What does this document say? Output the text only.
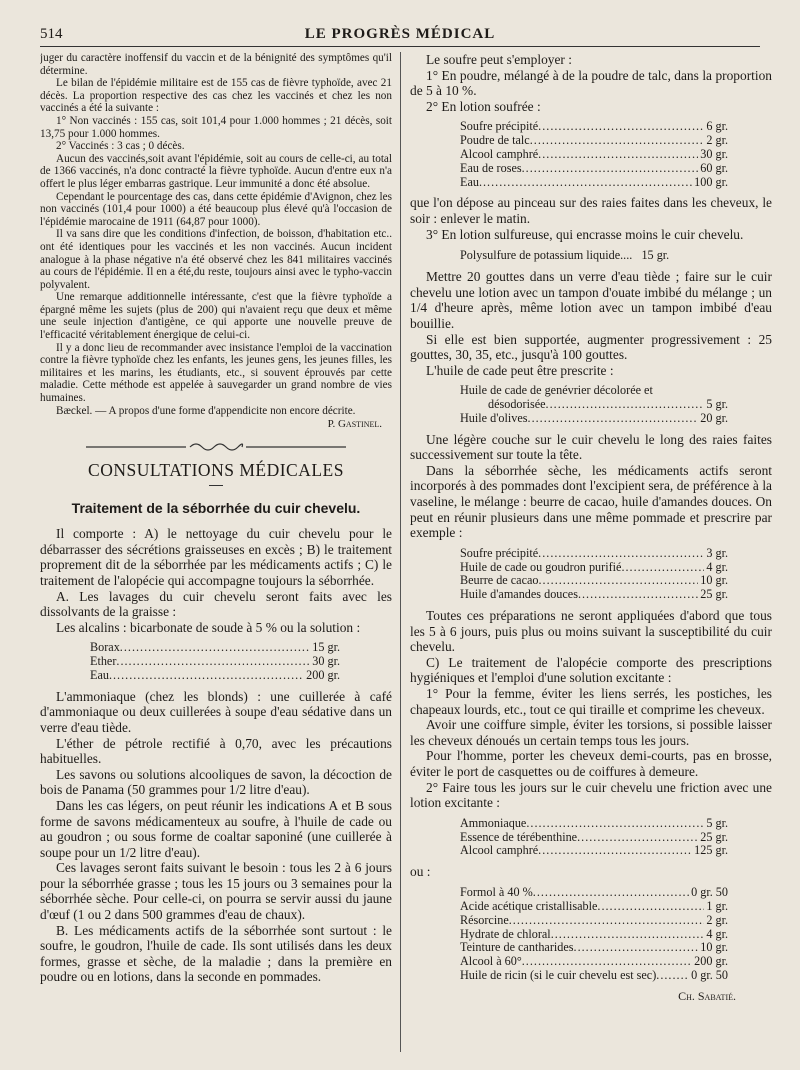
514	LE PROGRÈS MÉDICAL

juger du caractère inoffensif du vaccin et de la bénignité des symptômes qu'il détermine.

Le bilan de l'épidémie militaire est de 155 cas de fièvre typhoïde, avec 21 décès. La proportion respective des cas chez les vaccinés et chez les non vaccinés a été la suivante :

1° Non vaccinés : 155 cas, soit 101,4 pour 1.000 hommes ; 21 décès, soit 13,75 pour 1.000 hommes.

2° Vaccinés : 3 cas ; 0 décès.

Aucun des vaccinés,soit avant l'épidémie, soit au cours de celle-ci, au total de 1366 vaccinés, n'a donc contracté la fièvre typhoïde. Aucun d'entre eux n'a offert le plus léger embarras gastrique. Leur immunité a donc été absolue.

Cependant le pourcentage des cas, dans cette épidémie d'Avignon, chez les non vaccinés (101,4 pour 1000) a été beaucoup plus élevé qu'à l'occasion de l'épidémie marocaine de 1911 (64,87 pour 1000).

Il va sans dire que les conditions d'infection, de boisson, d'habitation etc.. ont été identiques pour les vaccinés et les non vaccinés. Aucun incident analogue à la phase négative n'a été observé chez les 841 militaires vaccinés au cours de l'épidémie. Il en a été,du reste, toujours ainsi avec le typho-vaccin polyvalent.

Une remarque additionnelle intéressante, c'est que la fièvre typhoïde a épargné même les sujets (plus de 200) qui n'avaient reçu que deux et même une seule injection d'antigène, ce qui apporte une nouvelle preuve de l'efficacité véritablement énergique de celui-ci.

Il y a donc lieu de recommander avec insistance l'emploi de la vaccination contre la fièvre typhoïde chez les enfants, les jeunes gens, les jeunes filles, les militaires et les marins, les étudiants, etc., si souvent éprouvés par cette maladie. Cette méthode est appelée à sauvegarder un grand nombre de vies humaines.

Bæckel. — A propos d'une forme d'appendicite non encore décrite.

P. Gastinel.
CONSULTATIONS MÉDICALES
Traitement de la séborrhée du cuir chevelu.

Il comporte : A) le nettoyage du cuir chevelu pour le débarrasser des sécrétions graisseuses en excès ; B) le traitement proprement dit de la séborrhée par les médicaments actifs ; C) le traitement de l'alopécie qui accompagne toujours la séborrhée.

A. Les lavages du cuir chevelu seront faits avec les dissolvants de la graisse :

Les alcalins : bicarbonate de soude à 5 % ou la solution :

Borax .....	15 gr.
Ether .....	30 gr.
Eau .....	200 gr.

L'ammoniaque (chez les blonds) : une cuillerée à café d'ammoniaque ou deux cuillerées à soupe d'eau sédative dans un verre d'eau tiède.

L'éther de pétrole rectifié à 0,70, avec les précautions habituelles.

Les savons ou solutions alcooliques de savon, la décoction de bois de Panama (50 grammes pour 1/2 litre d'eau).

Dans les cas légers, on peut réunir les indications A et B sous forme de savons médicamenteux au soufre, à l'huile de cade ou au goudron ; ou sous forme de coaltar saponiné (une cuillerée à soupe pour un 1/2 litre d'eau).

Ces lavages seront faits suivant le besoin : tous les 2 à 6 jours pour la séborrhée grasse ; tous les 15 jours ou 3 semaines pour la séborrhée sèche. Pour celle-ci, on pourra se servir aussi du jaune d'œuf (1 ou 2 dans 500 grammes d'eau de chaux).

B. Les médicaments actifs de la séborrhée sont surtout : le soufre, le goudron, l'huile de cade. Ils sont utilisés dans les deux formes, grasse et sèche, de la maladie ; dans la première en poudre ou en lotions, dans la seconde en pommades.

Le soufre peut s'employer :

1° En poudre, mélangé à de la poudre de talc, dans la proportion de 5 à 10 %.

2° En lotion soufrée :

Soufre précipité .....	6 gr.
Poudre de talc .....	2 gr.
Alcool camphré .....	30 gr.
Eau de roses .....	60 gr.
Eau .....	100 gr.

que l'on dépose au pinceau sur des raies faites dans les cheveux, le soir : enlever le matin.

3° En lotion sulfureuse, qui encrasse moins le cuir chevelu.

Polysulfure de potassium liquide.... 15 gr.

Mettre 20 gouttes dans un verre d'eau tiède ; faire sur le cuir chevelu une lotion avec un tampon d'ouate imbibé du mélange ; un 1/4 d'heure après, même lotion avec un tampon imbibé d'eau bouillie.

Si elle est bien supportée, augmenter progressivement : 25 gouttes, 30, 35, etc., jusqu'à 100 gouttes.

L'huile de cade peut être prescrite :

Huile de cade de genévrier décolorée et
désodorisée .....	5 gr.
Huile d'olives .....	20 gr.

Une légère couche sur le cuir chevelu le long des raies faites successivement sur toute la tête.

Dans la séborrhée sèche, les médicaments actifs seront incorporés à des pommades dont l'excipient sera, de préférence à la vaseline, le mélange : beurre de cacao, huile d'amandes douces. On peut en réunir plusieurs dans une même pommade et prescrire par exemple :

Soufre précipité .....	3 gr.
Huile de cade ou goudron purifié .....	4 gr.
Beurre de cacao .....	10 gr.
Huile d'amandes douces .....	25 gr.

Toutes ces préparations ne seront appliquées d'abord que tous les 5 à 6 jours, puis plus ou moins suivant la susceptibilité du cuir chevelu.

C) Le traitement de l'alopécie comporte des prescriptions hygiéniques et l'emploi d'une solution excitante :

1° Pour la femme, éviter les liens serrés, les postiches, les chapeaux lourds, etc., tout ce qui tiraille et comprime les cheveux.

Avoir une coiffure simple, éviter les torsions, si possible laisser les cheveux dénoués un certain temps tous les jours.

Pour l'homme, porter les cheveux demi-courts, pas en brosse, éviter le port de casquettes ou de coiffures à demeure.

2° Faire tous les jours sur le cuir chevelu une friction avec une lotion excitante :

Ammoniaque .....	5 gr.
Essence de térébenthine .....	25 gr.
Alcool camphré .....	125 gr.
ou :
Formol à 40 % .....	0 gr. 50
Acide acétique cristallisable .....	1 gr.
Résorcine .....	2 gr.
Hydrate de chloral .....	4 gr.
Teinture de cantharides .....	10 gr.
Alcool à 60° .....	200 gr.
Huile de ricin (si le cuir chevelu est sec) .....	0 gr. 50
Ch. Sabatié.
